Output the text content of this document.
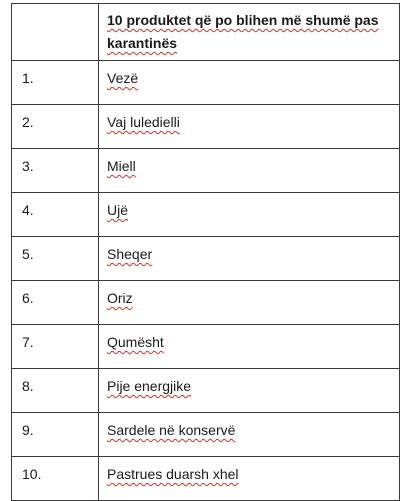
	10 produktet që po blihen më shumë pas karantinës

1.	Vezë
2.	Vaj luledielli
3.	Miell
4.	Ujë
5.	Sheqer
6.	Oriz
7.	Qumësht
8.	Pije energjike
9.	Sardele në konservë
10.	Pastrues duarsh xhel
